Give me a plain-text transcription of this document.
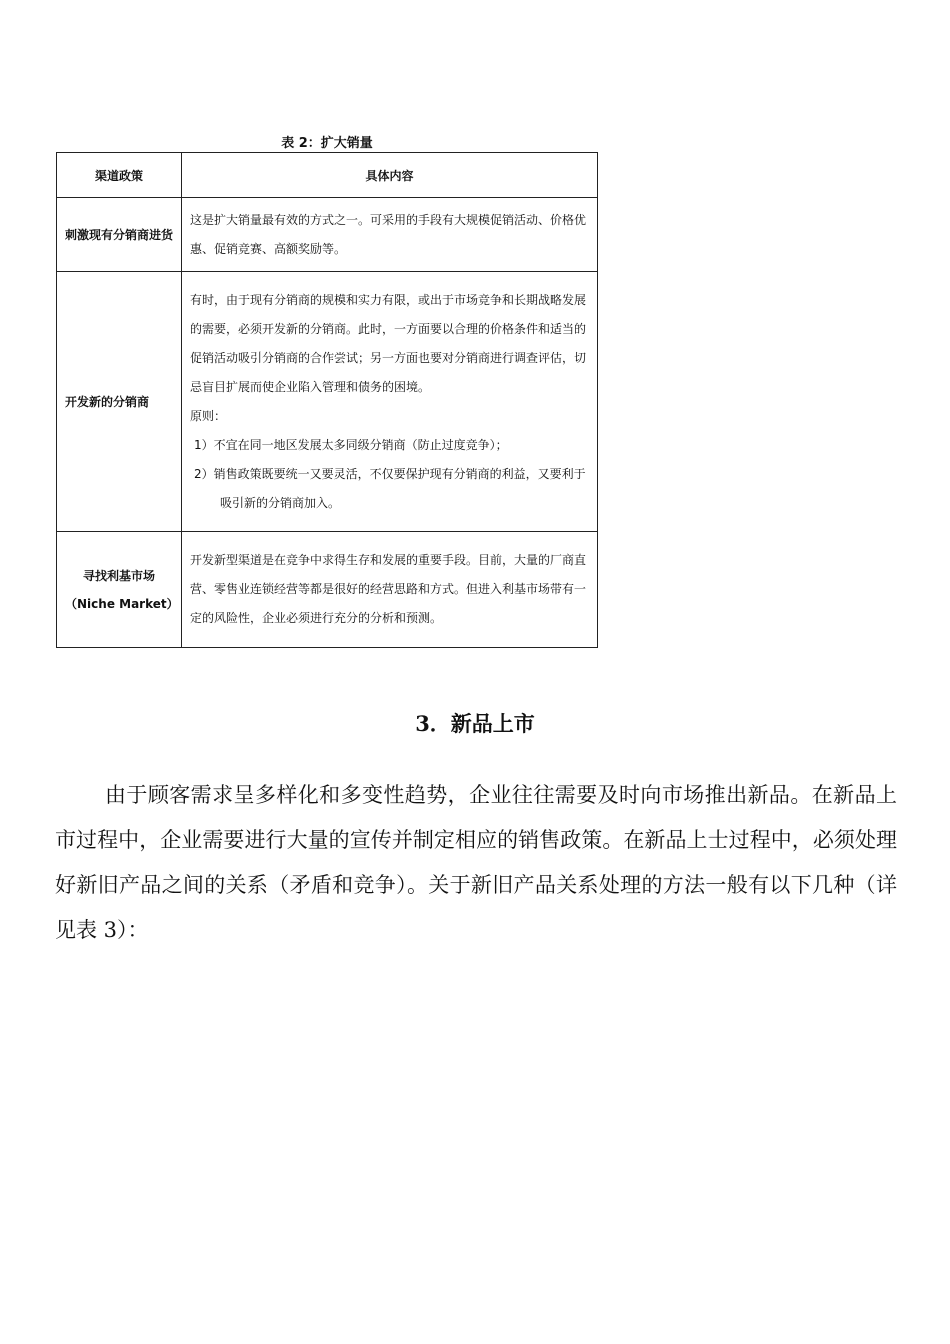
表 2：扩大销量
渠道政策	具体内容
刺激现有分销商进货	这是扩大销量最有效的方式之一。可采用的手段有大规模促销活动、价格优惠、促销竞赛、高额奖励等。
开发新的分销商	有时，由于现有分销商的规模和实力有限，或出于市场竞争和长期战略发展的需要，必须开发新的分销商。此时，一方面要以合理的价格条件和适当的促销活动吸引分销商的合作尝试；另一方面也要对分销商进行调查评估，切忌盲目扩展而使企业陷入管理和债务的困境。
原则：
1）不宜在同一地区发展太多同级分销商（防止过度竞争）；
2）销售政策既要统一又要灵活，不仅要保护现有分销商的利益，又要利于吸引新的分销商加入。

寻找利基市场
（Niche Market）	开发新型渠道是在竞争中求得生存和发展的重要手段。目前，大量的厂商直营、零售业连锁经营等都是很好的经营思路和方式。但进入利基市场带有一定的风险性，企业必须进行充分的分析和预测。
3．新品上市
由于顾客需求呈多样化和多变性趋势，企业往往需要及时向市场推出新品。在新品上市过程中，企业需要进行大量的宣传并制定相应的销售政策。在新品上士过程中，必须处理好新旧产品之间的关系（矛盾和竞争）。关于新旧产品关系处理的方法一般有以下几种（详见表 3）：
